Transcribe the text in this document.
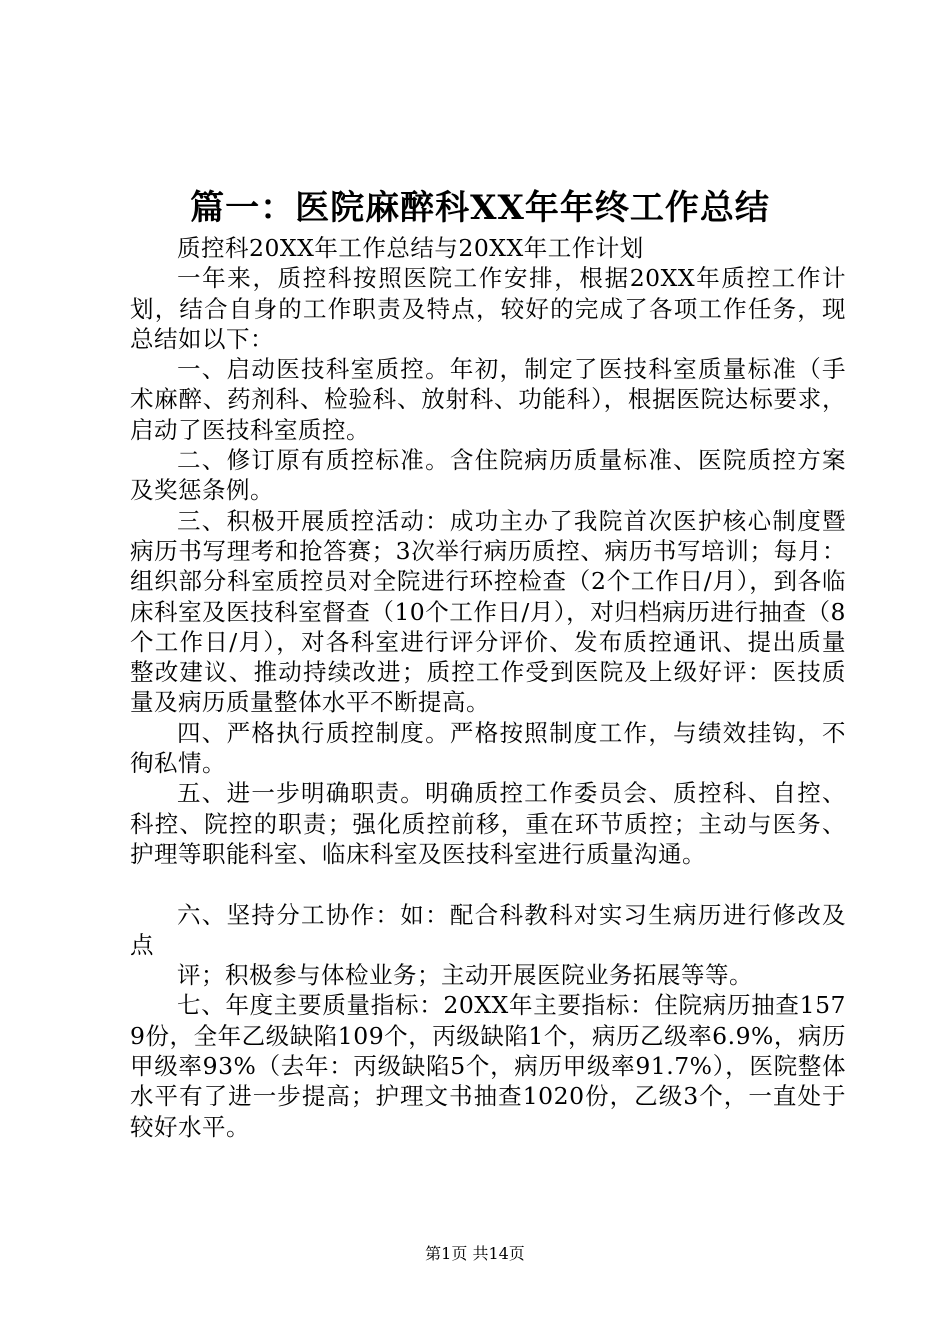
篇一：医院麻醉科XX年年终工作总结

质控科20XX年工作总结与20XX年工作计划

一年来，质控科按照医院工作安排，根据20XX年质控工作计划，结合自身的工作职责及特点，较好的完成了各项工作任务，现总结如以下：

一、启动医技科室质控。年初，制定了医技科室质量标准（手术麻醉、药剂科、检验科、放射科、功能科），根据医院达标要求，启动了医技科室质控。

二、修订原有质控标准。含住院病历质量标准、医院质控方案及奖惩条例。

三、积极开展质控活动：成功主办了我院首次医护核心制度暨病历书写理考和抢答赛；3次举行病历质控、病历书写培训；每月：组织部分科室质控员对全院进行环控检查（2个工作日/月），到各临床科室及医技科室督查（10个工作日/月），对归档病历进行抽查（8个工作日/月），对各科室进行评分评价、发布质控通讯、提出质量整改建议、推动持续改进；质控工作受到医院及上级好评：医技质量及病历质量整体水平不断提高。

四、严格执行质控制度。严格按照制度工作，与绩效挂钩，不徇私情。

五、进一步明确职责。明确质控工作委员会、质控科、自控、科控、院控的职责；强化质控前移，重在环节质控；主动与医务、护理等职能科室、临床科室及医技科室进行质量沟通。

六、坚持分工协作：如：配合科教科对实习生病历进行修改及点

评；积极参与体检业务；主动开展医院业务拓展等等。

七、年度主要质量指标：20XX年主要指标：住院病历抽查1579份，全年乙级缺陷109个，丙级缺陷1个，病历乙级率6.9%，病历甲级率93%（去年：丙级缺陷5个，病历甲级率91.7%），医院整体水平有了进一步提高；护理文书抽查1020份，乙级3个，一直处于较好水平。

第1页 共14页
